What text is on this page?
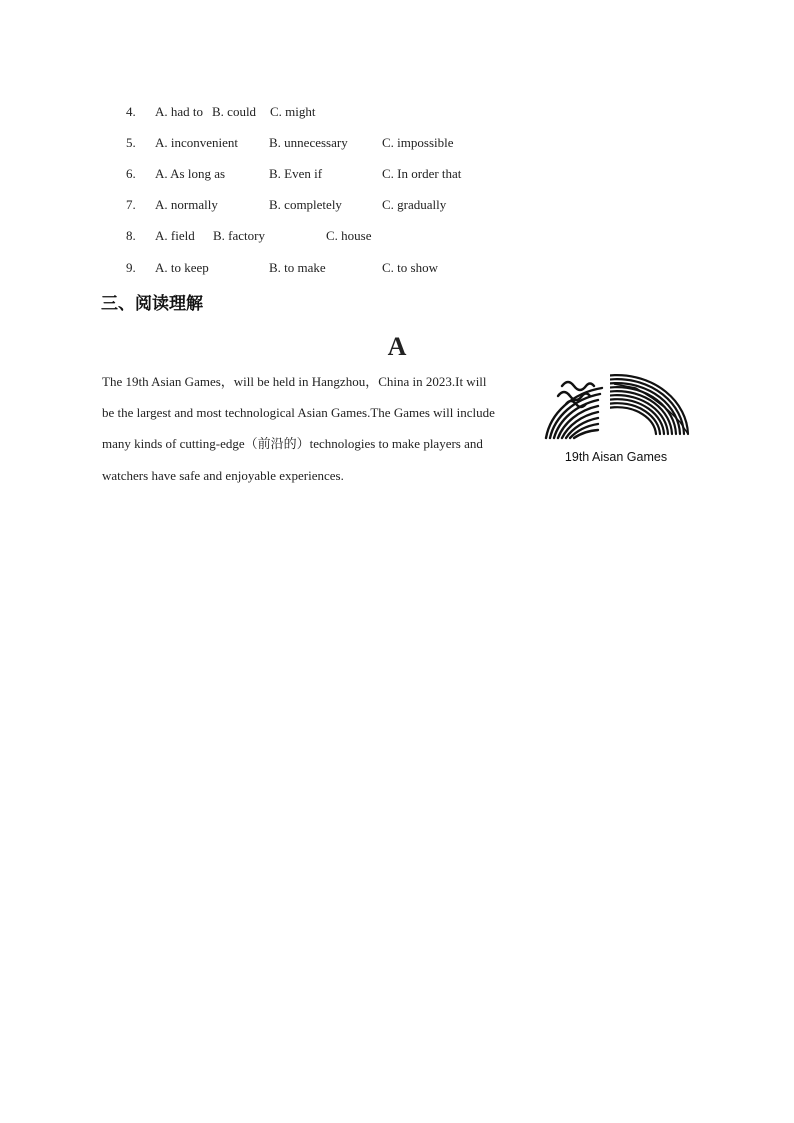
4. A. had to B. could C. might
5. A. inconvenient B. unnecessary	C. impossible
6. A. As long as	B. Even if	C. In order that
7. A. normally	B. completely	C. gradually
8. A. field B. factory	C. house
9. A. to keep	B. to make	C. to show
三、阅读理解
A
The 19th Asian Games，will be held in Hangzhou，China in 2023.It will
be the largest and most technological Asian Games.The Games will include
many kinds of cutting-edge（前沿的）technologies to make players and
watchers have safe and enjoyable experiences.
19th Aisan Games
